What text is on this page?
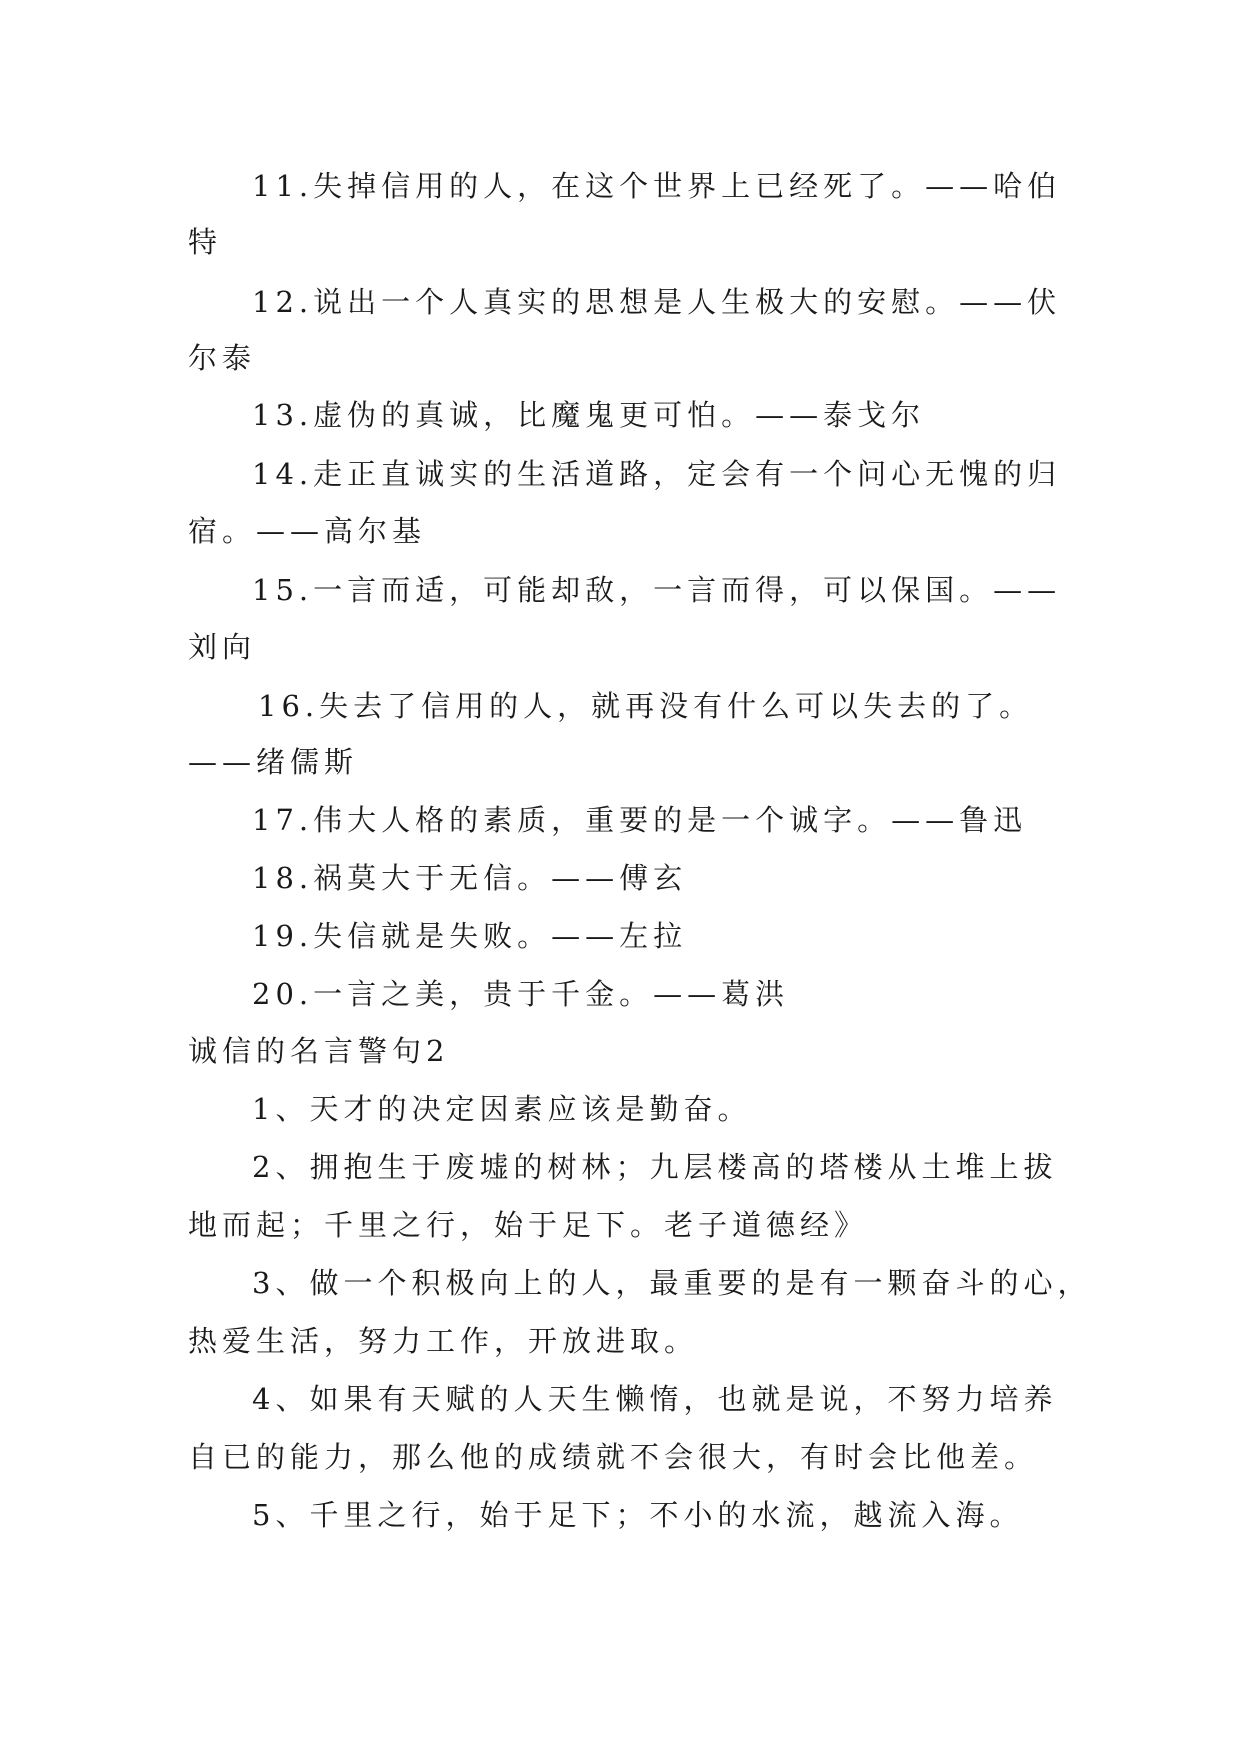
11.失掉信用的人，在这个世界上已经死了。——哈伯
特
12.说出一个人真实的思想是人生极大的安慰。——伏
尔泰
13.虚伪的真诚，比魔鬼更可怕。——泰戈尔
14.走正直诚实的生活道路，定会有一个问心无愧的归
宿。——高尔基
15.一言而适，可能却敌，一言而得，可以保国。——
刘向
16.失去了信用的人，就再没有什么可以失去的了。
——绪儒斯
17.伟大人格的素质，重要的是一个诚字。——鲁迅
18.祸莫大于无信。——傅玄
19.失信就是失败。——左拉
20.一言之美，贵于千金。——葛洪
诚信的名言警句2
1、天才的决定因素应该是勤奋。
2、拥抱生于废墟的树林；九层楼高的塔楼从土堆上拔
地而起；千里之行，始于足下。老子道德经》
3、做一个积极向上的人，最重要的是有一颗奋斗的心，
热爱生活，努力工作，开放进取。
4、如果有天赋的人天生懒惰，也就是说，不努力培养
自已的能力，那么他的成绩就不会很大，有时会比他差。
5、千里之行，始于足下；不小的水流，越流入海。
